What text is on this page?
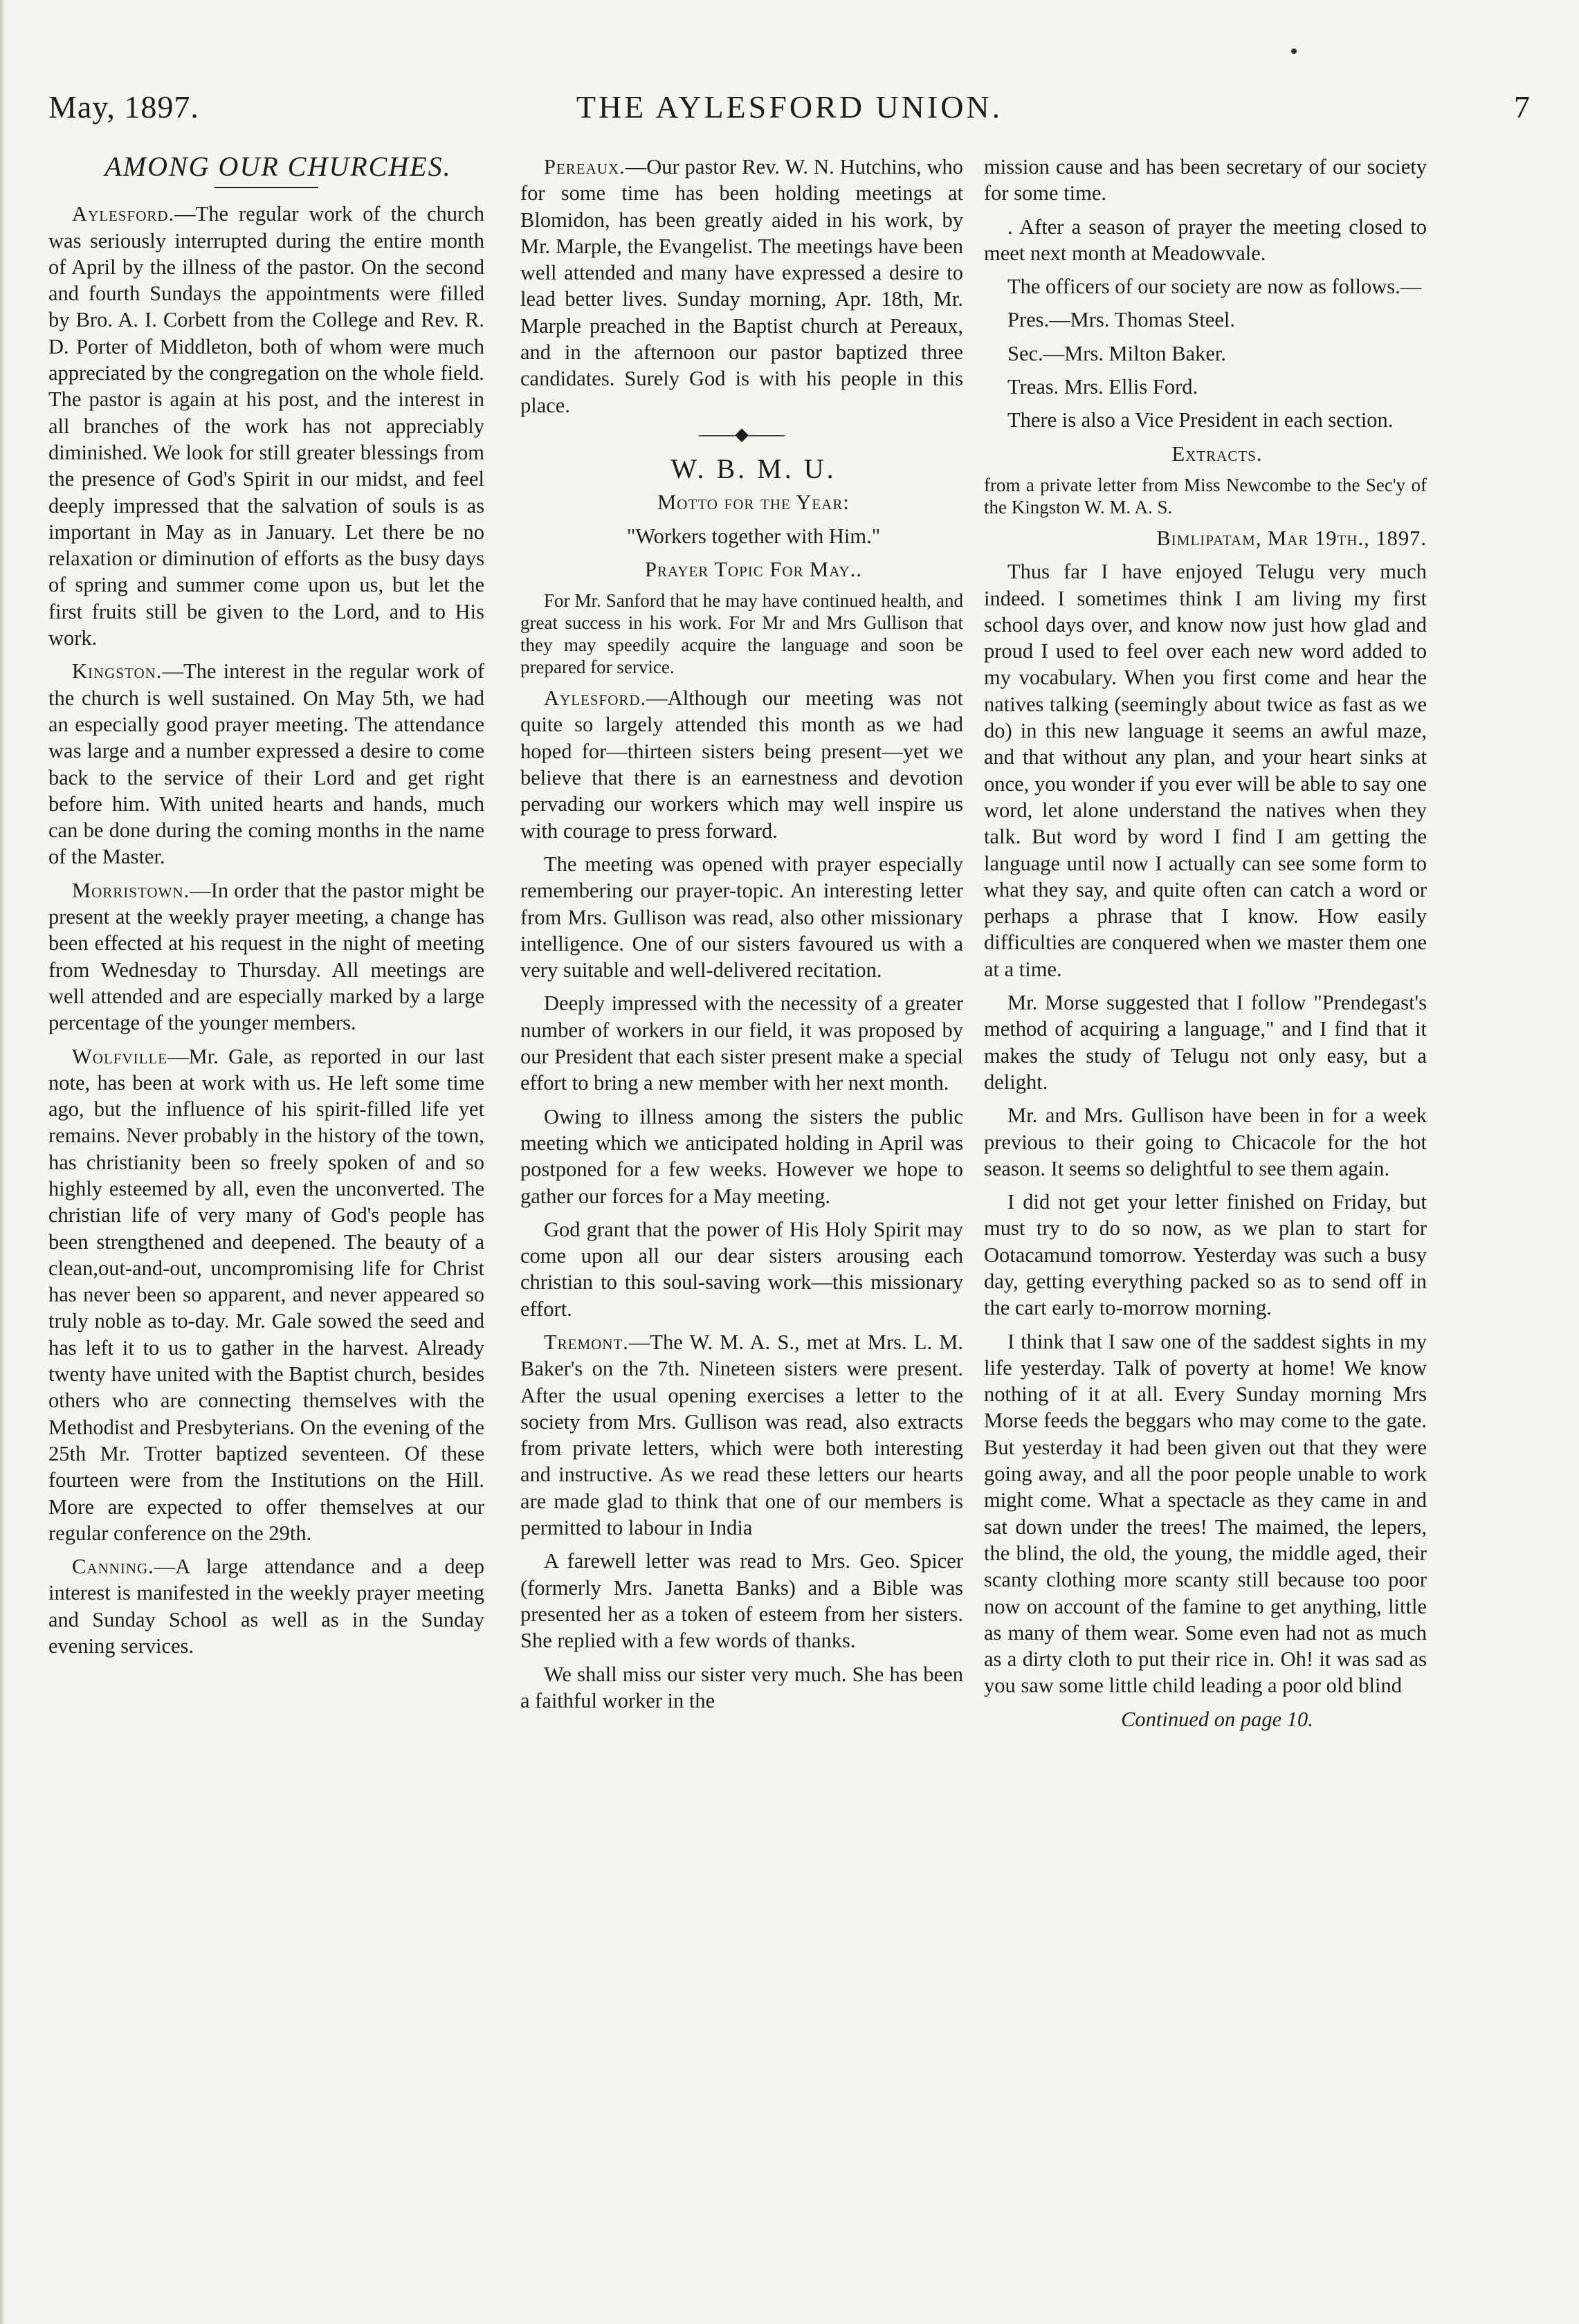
May, 1897.	THE AYLESFORD UNION.	7

AMONG OUR CHURCHES.

Aylesford.—The regular work of the church was seriously interrupted during the entire month of April by the illness of the pastor. On the second and fourth Sundays the appointments were filled by Bro. A. I. Corbett from the College and Rev. R. D. Porter of Middleton, both of whom were much appreciated by the congregation on the whole field. The pastor is again at his post, and the interest in all branches of the work has not appreciably diminished. We look for still greater blessings from the presence of God's Spirit in our midst, and feel deeply impressed that the salvation of souls is as important in May as in January. Let there be no relaxation or diminution of efforts as the busy days of spring and summer come upon us, but let the first fruits still be given to the Lord, and to His work.

Kingston.—The interest in the regular work of the church is well sustained. On May 5th, we had an especially good prayer meeting. The attendance was large and a number expressed a desire to come back to the service of their Lord and get right before him. With united hearts and hands, much can be done during the coming months in the name of the Master.

Morristown.—In order that the pastor might be present at the weekly prayer meeting, a change has been effected at his request in the night of meeting from Wednesday to Thursday. All meetings are well attended and are especially marked by a large percentage of the younger members.

Wolfville—Mr. Gale, as reported in our last note, has been at work with us. He left some time ago, but the influence of his spirit-filled life yet remains. Never probably in the history of the town, has christianity been so freely spoken of and so highly esteemed by all, even the unconverted. The christian life of very many of God's people has been strengthened and deepened. The beauty of a clean,out-and-out, uncompromising life for Christ has never been so apparent, and never appeared so truly noble as to-day. Mr. Gale sowed the seed and has left it to us to gather in the harvest. Already twenty have united with the Baptist church, besides others who are connecting themselves with the Methodist and Presbyterians. On the evening of the 25th Mr. Trotter baptized seventeen. Of these fourteen were from the Institutions on the Hill. More are expected to offer themselves at our regular conference on the 29th.

Canning.—A large attendance and a deep interest is manifested in the weekly prayer meeting and Sunday School as well as in the Sunday evening services.

Pereaux.—Our pastor Rev. W. N. Hutchins, who for some time has been holding meetings at Blomidon, has been greatly aided in his work, by Mr. Marple, the Evangelist. The meetings have been well attended and many have expressed a desire to lead better lives. Sunday morning, Apr. 18th, Mr. Marple preached in the Baptist church at Pereaux, and in the afternoon our pastor baptized three candidates. Surely God is with his people in this place.

——◆——

W. B. M. U.

Motto for the Year:

"Workers together with Him."

Prayer Topic For May..

For Mr. Sanford that he may have continued health, and great success in his work. For Mr and Mrs Gullison that they may speedily acquire the language and soon be prepared for service.

Aylesford.—Although our meeting was not quite so largely attended this month as we had hoped for—thirteen sisters being present—yet we believe that there is an earnestness and devotion pervading our workers which may well inspire us with courage to press forward.

The meeting was opened with prayer especially remembering our prayer-topic. An interesting letter from Mrs. Gullison was read, also other missionary intelligence. One of our sisters favoured us with a very suitable and well-delivered recitation.

Deeply impressed with the necessity of a greater number of workers in our field, it was proposed by our President that each sister present make a special effort to bring a new member with her next month.

Owing to illness among the sisters the public meeting which we anticipated holding in April was postponed for a few weeks. However we hope to gather our forces for a May meeting.

God grant that the power of His Holy Spirit may come upon all our dear sisters arousing each christian to this soul-saving work—this missionary effort.

Tremont.—The W. M. A. S., met at Mrs. L. M. Baker's on the 7th. Nineteen sisters were present. After the usual opening exercises a letter to the society from Mrs. Gullison was read, also extracts from private letters, which were both interesting and instructive. As we read these letters our hearts are made glad to think that one of our members is permitted to labour in India

A farewell letter was read to Mrs. Geo. Spicer (formerly Mrs. Janetta Banks) and a Bible was presented her as a token of esteem from her sisters. She replied with a few words of thanks.

We shall miss our sister very much. She has been a faithful worker in the

mission cause and has been secretary of our society for some time.

. After a season of prayer the meeting closed to meet next month at Meadowvale.

The officers of our society are now as follows.—

Pres.—Mrs. Thomas Steel.

Sec.—Mrs. Milton Baker.

Treas. Mrs. Ellis Ford.

There is also a Vice President in each section.

Extracts.

from a private letter from Miss Newcombe to the Sec'y of the Kingston W. M. A. S.

Bimlipatam, Mar 19th., 1897.

Thus far I have enjoyed Telugu very much indeed. I sometimes think I am living my first school days over, and know now just how glad and proud I used to feel over each new word added to my vocabulary. When you first come and hear the natives talking (seemingly about twice as fast as we do) in this new language it seems an awful maze, and that without any plan, and your heart sinks at once, you wonder if you ever will be able to say one word, let alone understand the natives when they talk. But word by word I find I am getting the language until now I actually can see some form to what they say, and quite often can catch a word or perhaps a phrase that I know. How easily difficulties are conquered when we master them one at a time.

Mr. Morse suggested that I follow "Prendegast's method of acquiring a language," and I find that it makes the study of Telugu not only easy, but a delight.

Mr. and Mrs. Gullison have been in for a week previous to their going to Chicacole for the hot season. It seems so delightful to see them again.

I did not get your letter finished on Friday, but must try to do so now, as we plan to start for Ootacamund tomorrow. Yesterday was such a busy day, getting everything packed so as to send off in the cart early to-morrow morning.

I think that I saw one of the saddest sights in my life yesterday. Talk of poverty at home! We know nothing of it at all. Every Sunday morning Mrs Morse feeds the beggars who may come to the gate. But yesterday it had been given out that they were going away, and all the poor people unable to work might come. What a spectacle as they came in and sat down under the trees! The maimed, the lepers, the blind, the old, the young, the middle aged, their scanty clothing more scanty still because too poor now on account of the famine to get anything, little as many of them wear. Some even had not as much as a dirty cloth to put their rice in. Oh! it was sad as you saw some little child leading a poor old blind

Continued on page 10.
